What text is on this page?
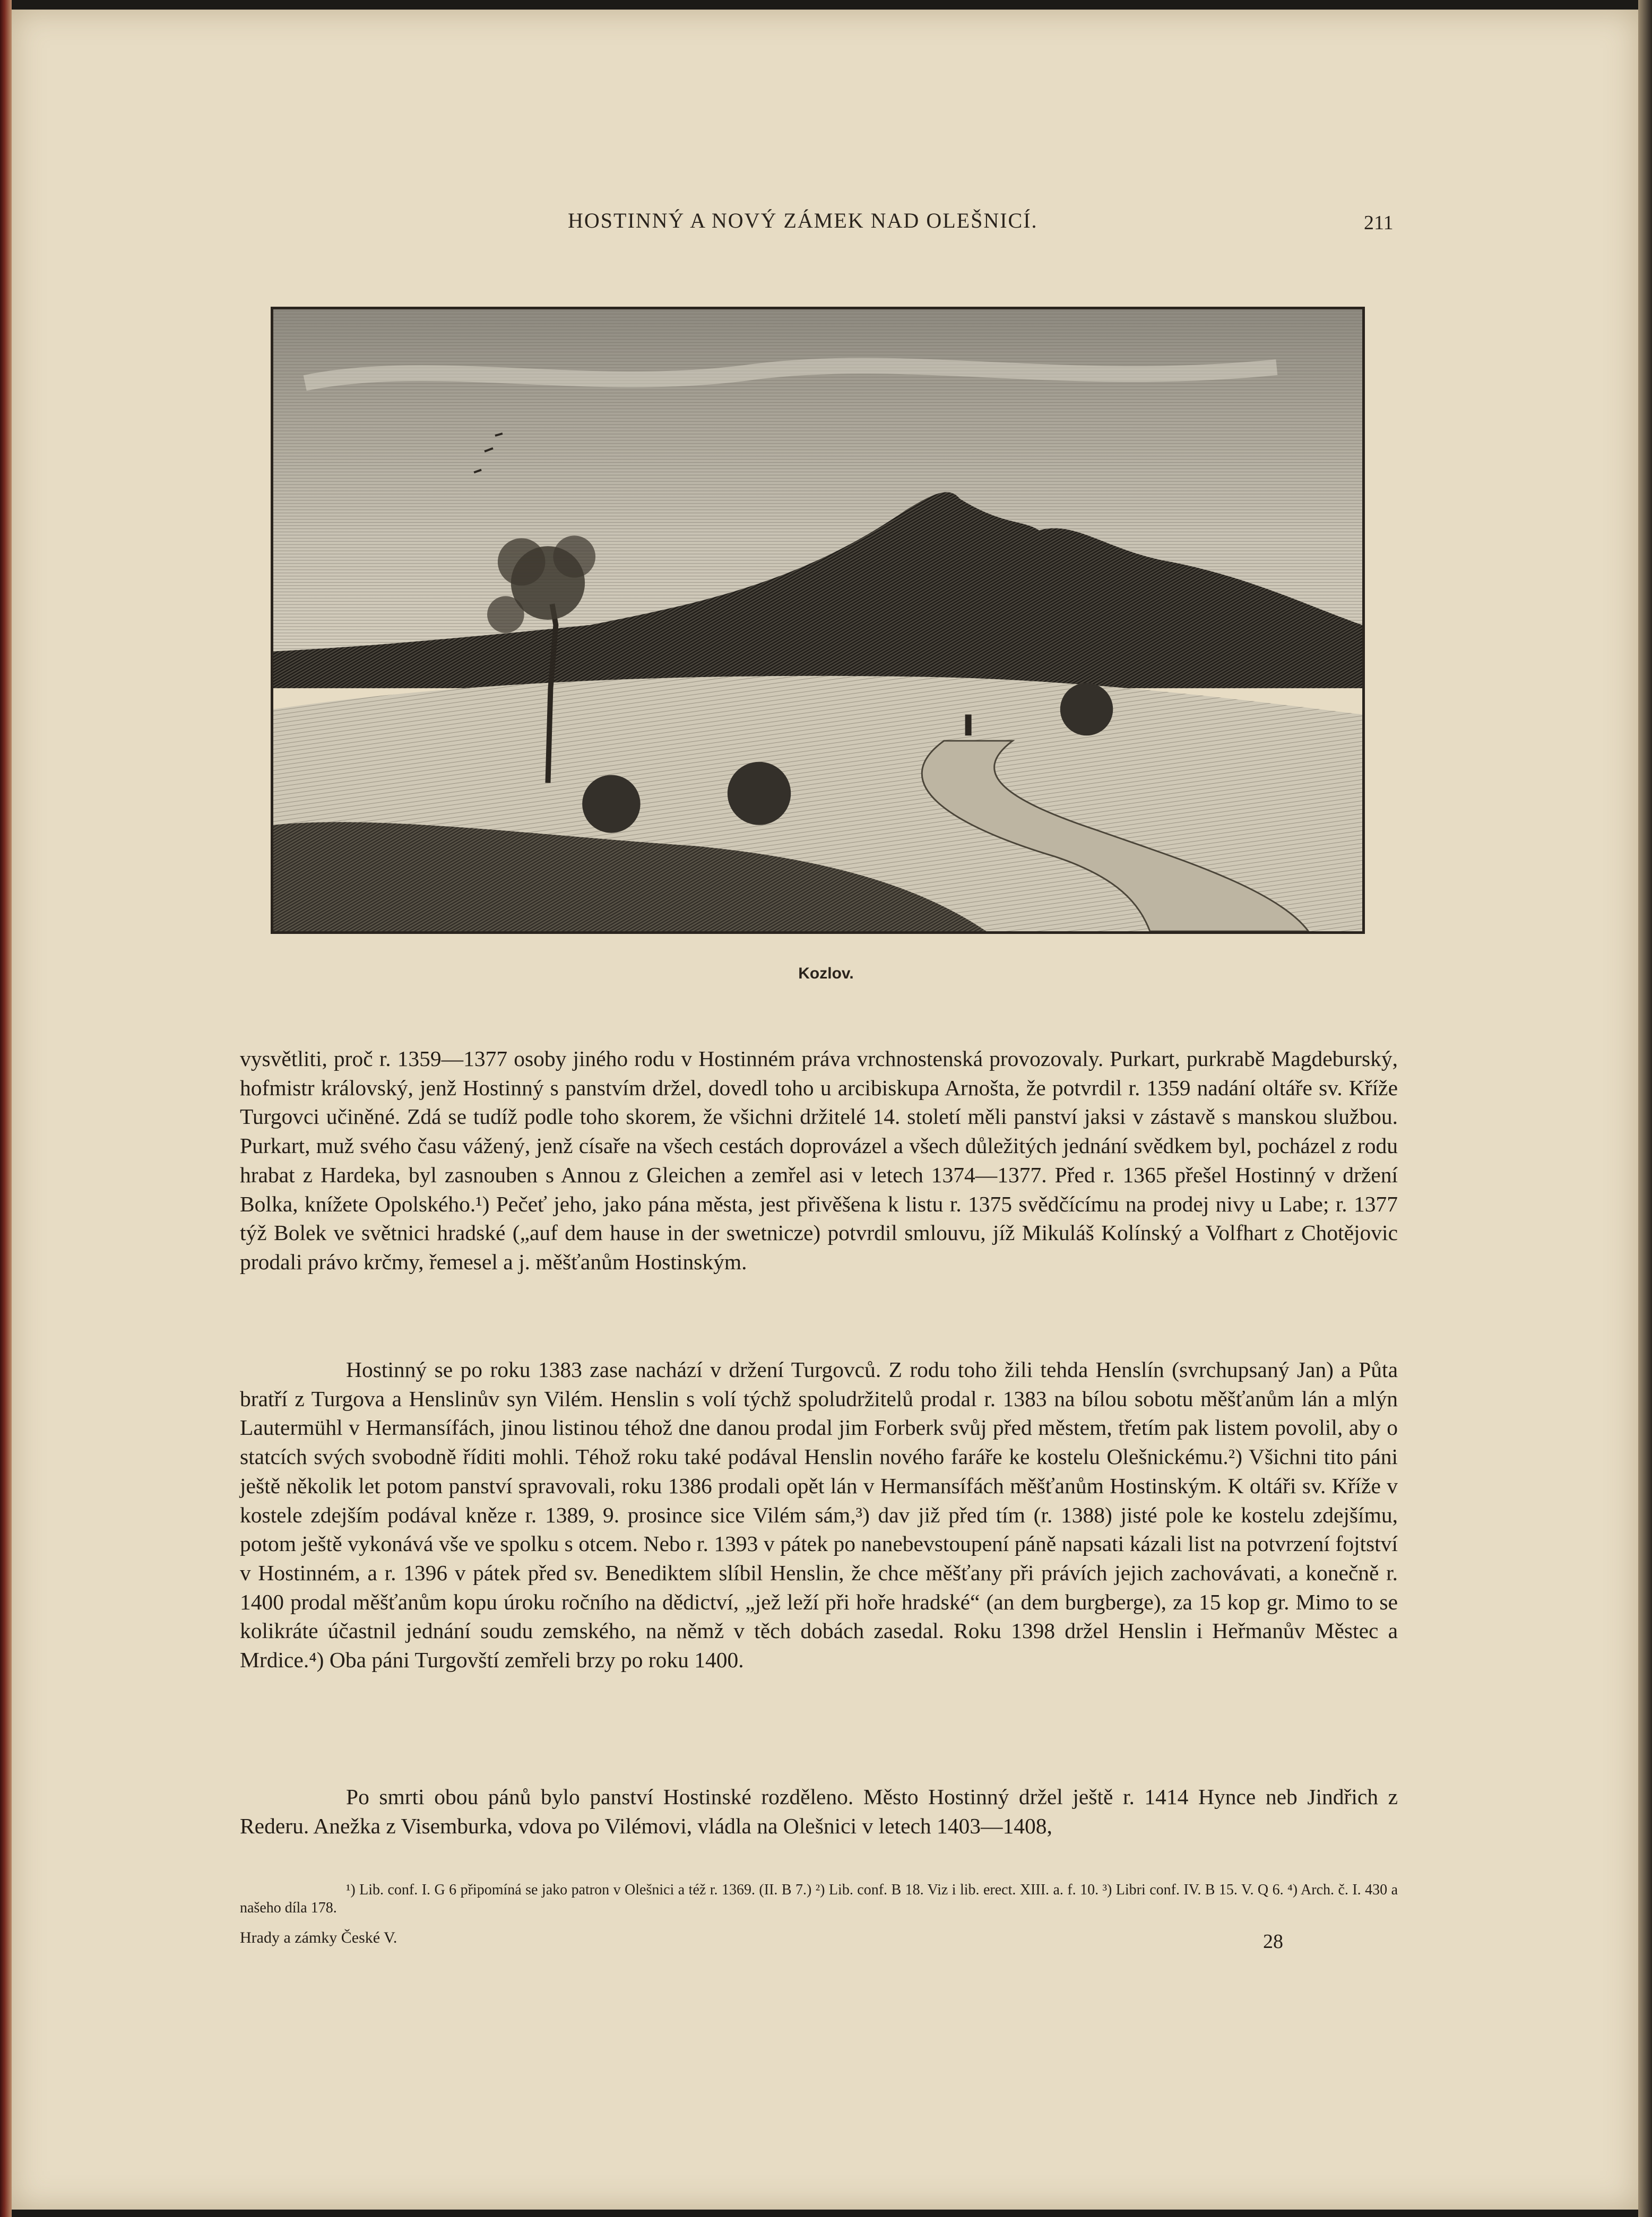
HOSTINNÝ A NOVÝ ZÁMEK NAD OLEŠNICÍ.	211
Kozlov.

vysvětliti, proč r. 1359—1377 osoby jiného rodu v Hostinném práva vrchnostenská provozovaly. Purkart, purkrabě Magdeburský, hofmistr královský, jenž Hostinný s panstvím držel, dovedl toho u arcibiskupa Arnošta, že potvrdil r. 1359 nadání oltáře sv. Kříže Turgovci učiněné. Zdá se tudíž podle toho skorem, že všichni držitelé 14. století měli panství jaksi v zástavě s manskou službou. Purkart, muž svého času vážený, jenž císaře na všech cestách doprovázel a všech důležitých jednání svědkem byl, pocházel z rodu hrabat z Hardeka, byl zasnouben s Annou z Gleichen a zemřel asi v letech 1374—1377. Před r. 1365 přešel Hostinný v držení Bolka, knížete Opolského.¹) Pečeť jeho, jako pána města, jest přivěšena k listu r. 1375 svědčícímu na prodej nivy u Labe; r. 1377 týž Bolek ve světnici hradské („auf dem hause in der swetnicze) potvrdil smlouvu, jíž Mikuláš Kolínský a Volfhart z Chotějovic prodali právo krčmy, řemesel a j. měšťanům Hostinským.

Hostinný se po roku 1383 zase nachází v držení Turgovců. Z rodu toho žili tehda Henslín (svrchupsaný Jan) a Půta bratří z Turgova a Henslinův syn Vilém. Henslin s volí týchž spoludržitelů prodal r. 1383 na bílou sobotu měšťanům lán a mlýn Lautermühl v Hermansífách, jinou listinou téhož dne danou prodal jim Forberk svůj před městem, třetím pak listem povolil, aby o statcích svých svobodně říditi mohli. Téhož roku také podával Henslin nového faráře ke kostelu Olešnickému.²) Všichni tito páni ještě několik let potom panství spravovali, roku 1386 prodali opět lán v Hermansífách měšťanům Hostinským. K oltáři sv. Kříže v kostele zdejším podával kněze r. 1389, 9. prosince sice Vilém sám,³) dav již před tím (r. 1388) jisté pole ke kostelu zdejšímu, potom ještě vykonává vše ve spolku s otcem. Nebo r. 1393 v pátek po nanebevstoupení páně napsati kázali list na potvrzení fojtství v Hostinném, a r. 1396 v pátek před sv. Benediktem slíbil Henslin, že chce měšťany při právích jejich zachovávati, a konečně r. 1400 prodal měšťanům kopu úroku ročního na dědictví, „jež leží při hoře hradské“ (an dem burgberge), za 15 kop gr. Mimo to se kolikráte účastnil jednání soudu zemského, na němž v těch dobách zasedal. Roku 1398 držel Henslin i Heřmanův Městec a Mrdice.⁴) Oba páni Turgovští zemřeli brzy po roku 1400.

Po smrti obou pánů bylo panství Hostinské rozděleno. Město Hostinný držel ještě r. 1414 Hynce neb Jindřich z Rederu. Anežka z Visemburka, vdova po Vilémovi, vládla na Olešnici v letech 1403—1408,

¹) Lib. conf. I. G 6 připomíná se jako patron v Olešnici a též r. 1369. (II. B 7.) ²) Lib. conf. B 18. Viz i lib. erect. XIII. a. f. 10. ³) Libri conf. IV. B 15. V. Q 6. ⁴) Arch. č. I. 430 a našeho díla 178.

Hrady a zámky České V.	28
